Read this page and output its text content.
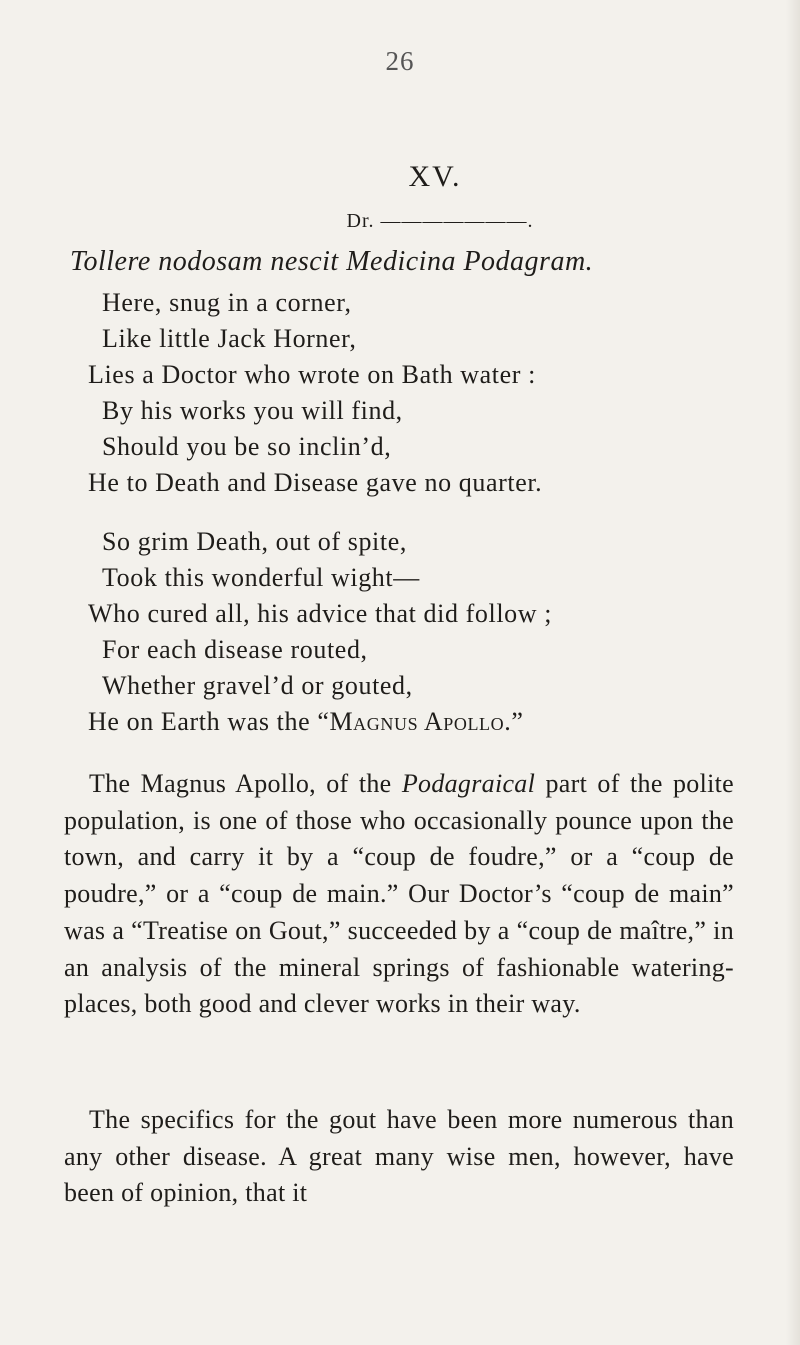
26
XV.
Dr. ———————.
Tollere nodosam nescit Medicina Podagram.
Here, snug in a corner,
Like little Jack Horner,
Lies a Doctor who wrote on Bath water :
By his works you will find,
Should you be so inclin’d,
He to Death and Disease gave no quarter.
So grim Death, out of spite,
Took this wonderful wight—
Who cured all, his advice that did follow ;
For each disease routed,
Whether gravel’d or gouted,
He on Earth was the “Magnus Apollo.”

The Magnus Apollo, of the Podagraical part of the polite population, is one of those who occasionally pounce upon the town, and carry it by a “coup de foudre,” or a “coup de poudre,” or a “coup de main.” Our Doctor’s “coup de main” was a “Treatise on Gout,” succeeded by a “coup de maître,” in an analysis of the mineral springs of fashionable watering-places, both good and clever works in their way.

The specifics for the gout have been more numerous than any other disease. A great many wise men, however, have been of opinion, that it
